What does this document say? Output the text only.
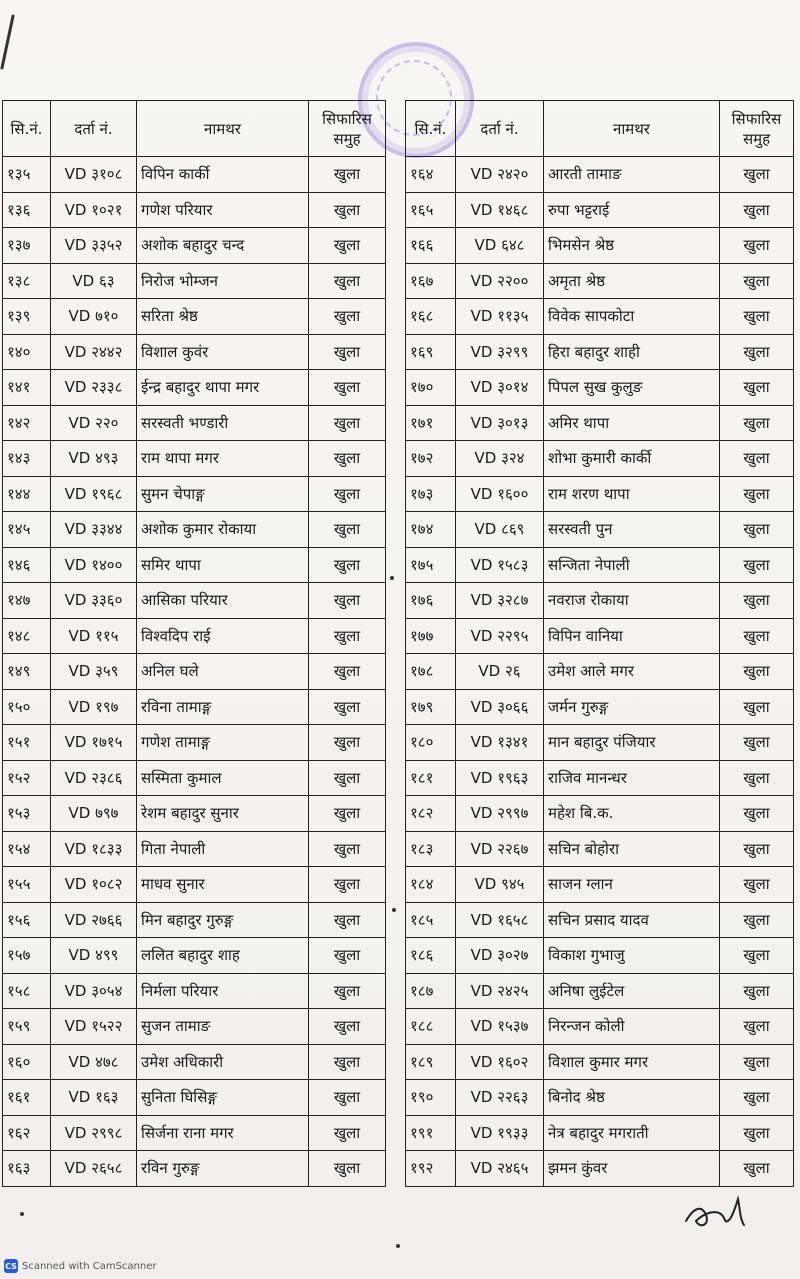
सि.नं.	दर्ता नं.	नामथर	सिफारिस समुह
१३५	VD ३१०८	विपिन कार्की	खुला
१३६	VD १०२१	गणेश परियार	खुला
१३७	VD ३३५२	अशोक बहादुर चन्द	खुला
१३८	VD ६३	निरोज भोम्जन	खुला
१३९	VD ७१०	सरिता श्रेष्ठ	खुला
१४०	VD २४४२	विशाल कुवंर	खुला
१४१	VD २३३८	ईन्द्र बहादुर थापा मगर	खुला
१४२	VD २२०	सरस्वती भण्डारी	खुला
१४३	VD ४९३	राम थापा मगर	खुला
१४४	VD १९६८	सुमन चेपाङ्ग	खुला
१४५	VD ३३४४	अशोक कुमार रोकाया	खुला
१४६	VD १४००	समिर थापा	खुला
१४७	VD ३३६०	आसिका परियार	खुला
१४८	VD ११५	विश्वदिप राई	खुला
१४९	VD ३५९	अनिल घले	खुला
१५०	VD १९७	रविना तामाङ्ग	खुला
१५१	VD १७१५	गणेश तामाङ्ग	खुला
१५२	VD २३८६	सस्मिता कुमाल	खुला
१५३	VD ७९७	रेशम बहादुर सुनार	खुला
१५४	VD १८३३	गिता नेपाली	खुला
१५५	VD १०८२	माधव सुनार	खुला
१५६	VD २७६६	मिन बहादुर गुरुङ्ग	खुला
१५७	VD ४९९	ललित बहादुर शाह	खुला
१५८	VD ३०५४	निर्मला परियार	खुला
१५९	VD १५२२	सुजन तामाङ	खुला
१६०	VD ४७८	उमेश अधिकारी	खुला
१६१	VD १६३	सुनिता घिसिङ्ग	खुला
१६२	VD २९९८	सिर्जना राना मगर	खुला
१६३	VD २६५८	रविन गुरुङ्ग	खुला
सि.नं.	दर्ता नं.	नामथर	सिफारिस समुह
१६४	VD २४२०	आरती तामाङ	खुला
१६५	VD १४६८	रुपा भट्टराई	खुला
१६६	VD ६४८	भिमसेन श्रेष्ठ	खुला
१६७	VD २२००	अमृता श्रेष्ठ	खुला
१६८	VD ११३५	विवेक सापकोटा	खुला
१६९	VD ३२९९	हिरा बहादुर शाही	खुला
१७०	VD ३०१४	पिपल सुख कुलुङ	खुला
१७१	VD ३०१३	अमिर थापा	खुला
१७२	VD ३२४	शोभा कुमारी कार्की	खुला
१७३	VD १६००	राम शरण थापा	खुला
१७४	VD ८६९	सरस्वती पुन	खुला
१७५	VD १५८३	सन्जिता नेपाली	खुला
१७६	VD ३२८७	नवराज रोकाया	खुला
१७७	VD २२९५	विपिन वानिया	खुला
१७८	VD २६	उमेश आले मगर	खुला
१७९	VD ३०६६	जर्मन गुरुङ्ग	खुला
१८०	VD १३४१	मान बहादुर पंजियार	खुला
१८१	VD १९६३	राजिव मानन्धर	खुला
१८२	VD २९९७	महेश बि.क.	खुला
१८३	VD २२६७	सचिन बोहोरा	खुला
१८४	VD ९४५	साजन ग्लान	खुला
१८५	VD १६५८	सचिन प्रसाद यादव	खुला
१८६	VD ३०२७	विकाश गुभाजु	खुला
१८७	VD २४२५	अनिषा लुईटेल	खुला
१८८	VD १५३७	निरन्जन कोली	खुला
१८९	VD १६०२	विशाल कुमार मगर	खुला
१९०	VD २२६३	बिनोद श्रेष्ठ	खुला
१९१	VD १९३३	नेत्र बहादुर मगराती	खुला
१९२	VD २४६५	झमन कुंवर	खुला
CS Scanned with CamScanner
